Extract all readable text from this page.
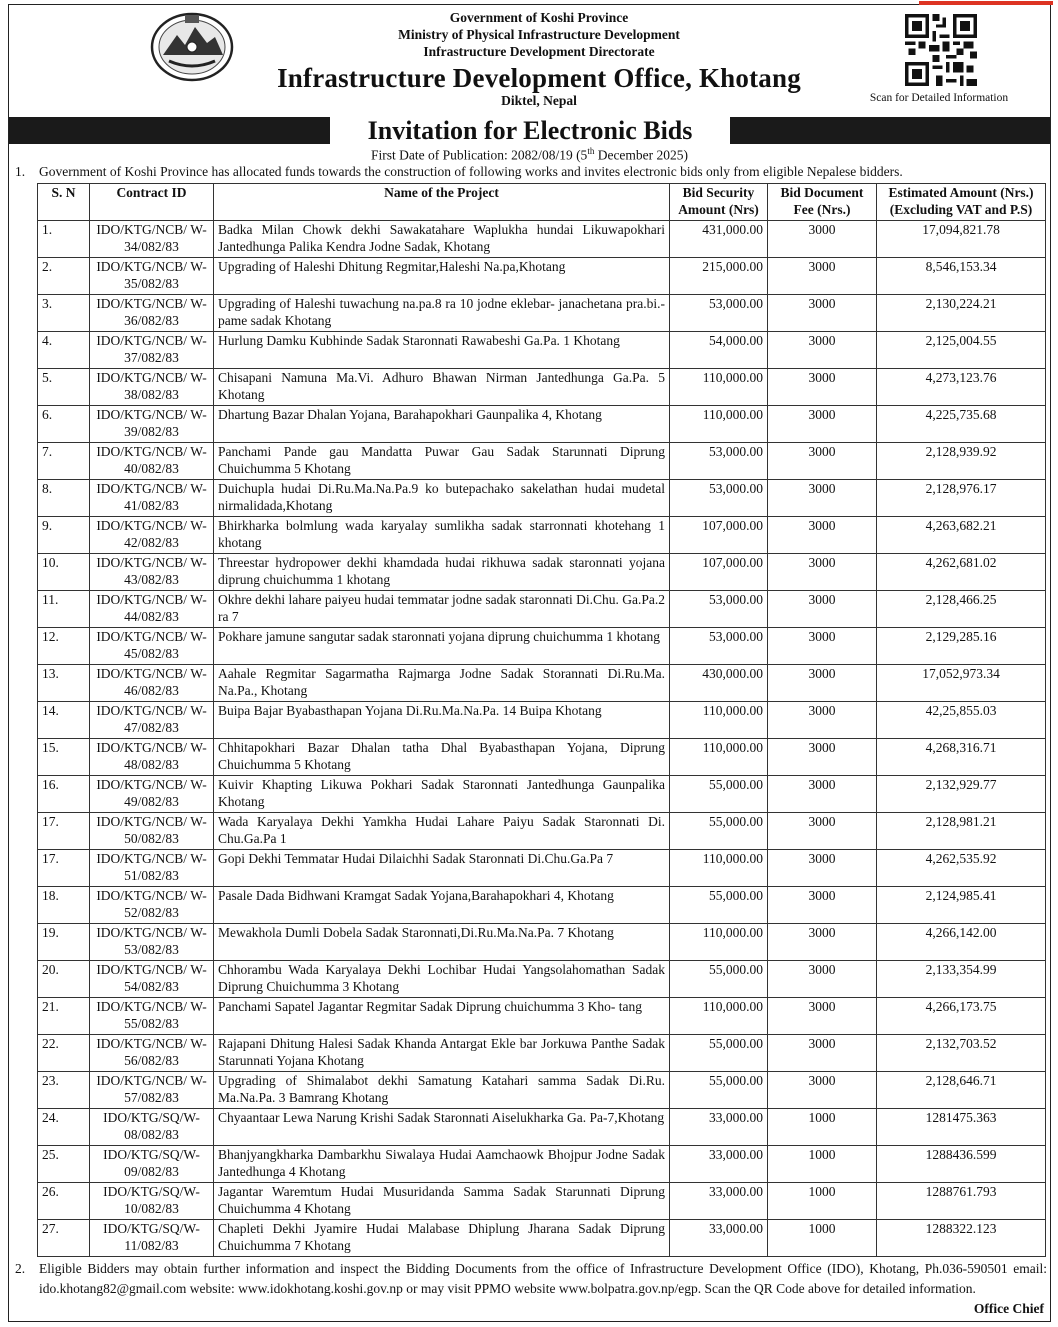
Government of Koshi Province
Ministry of Physical Infrastructure Development
Infrastructure Development Directorate
Infrastructure Development Office, Khotang
Diktel, Nepal	Scan for Detailed Information
Invitation for Electronic Bids
First Date of Publication: 2082/08/19 (5th December 2025)
1. Government of Koshi Province has allocated funds towards the construction of following works and invites electronic bids only from eligible Nepalese bidders.
S. N	Contract ID	Name of the Project	Bid Security Amount (Nrs)	Bid Document Fee (Nrs.)	Estimated Amount (Nrs.) (Excluding VAT and P.S)
1.	IDO/KTG/NCB/ W-34/082/83	Badka Milan Chowk dekhi Sawakatahare Waplukha hundai Likuwapokhari Jantedhunga Palika Kendra Jodne Sadak, Khotang	431,000.00	3000	17,094,821.78
2.	IDO/KTG/NCB/ W-35/082/83	Upgrading of Haleshi Dhitung Regmitar,Haleshi Na.pa,Khotang	215,000.00	3000	8,546,153.34
3.	IDO/KTG/NCB/ W-36/082/83	Upgrading of Haleshi tuwachung na.pa.8 ra 10 jodne eklebar- janachetana pra.bi.-pame sadak Khotang	53,000.00	3000	2,130,224.21
4.	IDO/KTG/NCB/ W-37/082/83	Hurlung Damku Kubhinde Sadak Staronnati Rawabeshi Ga.Pa. 1 Khotang	54,000.00	3000	2,125,004.55
5.	IDO/KTG/NCB/ W-38/082/83	Chisapani Namuna Ma.Vi. Adhuro Bhawan Nirman Jantedhunga Ga.Pa. 5 Khotang	110,000.00	3000	4,273,123.76
6.	IDO/KTG/NCB/ W-39/082/83	Dhartung Bazar Dhalan Yojana, Barahapokhari Gaunpalika 4, Khotang	110,000.00	3000	4,225,735.68
7.	IDO/KTG/NCB/ W-40/082/83	Panchami Pande gau Mandatta Puwar Gau Sadak Starunnati Diprung Chuichumma 5 Khotang	53,000.00	3000	2,128,939.92
8.	IDO/KTG/NCB/ W-41/082/83	Duichupla hudai Di.Ru.Ma.Na.Pa.9 ko butepachako sakelathan hudai mudetal nirmalidada,Khotang	53,000.00	3000	2,128,976.17
9.	IDO/KTG/NCB/ W-42/082/83	Bhirkharka bolmlung wada karyalay sumlikha sadak starronnati khotehang 1 khotang	107,000.00	3000	4,263,682.21
10.	IDO/KTG/NCB/ W-43/082/83	Threestar hydropower dekhi khamdada hudai rikhuwa sadak staronnati yojana diprung chuichumma 1 khotang	107,000.00	3000	4,262,681.02
11.	IDO/KTG/NCB/ W-44/082/83	Okhre dekhi lahare paiyeu hudai temmatar jodne sadak staronnati Di.Chu. Ga.Pa.2 ra 7	53,000.00	3000	2,128,466.25
12.	IDO/KTG/NCB/ W-45/082/83	Pokhare jamune sangutar sadak staronnati yojana diprung chuichumma 1 khotang	53,000.00	3000	2,129,285.16
13.	IDO/KTG/NCB/ W-46/082/83	Aahale Regmitar Sagarmatha Rajmarga Jodne Sadak Storannati Di.Ru.Ma. Na.Pa., Khotang	430,000.00	3000	17,052,973.34
14.	IDO/KTG/NCB/ W-47/082/83	Buipa Bajar Byabasthapan Yojana Di.Ru.Ma.Na.Pa. 14 Buipa Khotang	110,000.00	3000	42,25,855.03
15.	IDO/KTG/NCB/ W-48/082/83	Chhitapokhari Bazar Dhalan tatha Dhal Byabasthapan Yojana, Diprung Chuichumma 5 Khotang	110,000.00	3000	4,268,316.71
16.	IDO/KTG/NCB/ W-49/082/83	Kuivir Khapting Likuwa Pokhari Sadak Staronnati Jantedhunga Gaunpalika Khotang	55,000.00	3000	2,132,929.77
17.	IDO/KTG/NCB/ W-50/082/83	Wada Karyalaya Dekhi Yamkha Hudai Lahare Paiyu Sadak Staronnati Di. Chu.Ga.Pa 1	55,000.00	3000	2,128,981.21
17.	IDO/KTG/NCB/ W-51/082/83	Gopi Dekhi Temmatar Hudai Dilaichhi Sadak Staronnati Di.Chu.Ga.Pa 7	110,000.00	3000	4,262,535.92
18.	IDO/KTG/NCB/ W-52/082/83	Pasale Dada Bidhwani Kramgat Sadak Yojana,Barahapokhari 4, Khotang	55,000.00	3000	2,124,985.41
19.	IDO/KTG/NCB/ W-53/082/83	Mewakhola Dumli Dobela Sadak Staronnati,Di.Ru.Ma.Na.Pa. 7 Khotang	110,000.00	3000	4,266,142.00
20.	IDO/KTG/NCB/ W-54/082/83	Chhorambu Wada Karyalaya Dekhi Lochibar Hudai Yangsolahomathan Sadak Diprung Chuichumma 3 Khotang	55,000.00	3000	2,133,354.99
21.	IDO/KTG/NCB/ W-55/082/83	Panchami Sapatel Jagantar Regmitar Sadak Diprung chuichumma 3 Kho- tang	110,000.00	3000	4,266,173.75
22.	IDO/KTG/NCB/ W-56/082/83	Rajapani Dhitung Halesi Sadak Khanda Antargat Ekle bar Jorkuwa Panthe Sadak Starunnati Yojana Khotang	55,000.00	3000	2,132,703.52
23.	IDO/KTG/NCB/ W-57/082/83	Upgrading of Shimalabot dekhi Samatung Katahari samma Sadak Di.Ru. Ma.Na.Pa. 3 Bamrang Khotang	55,000.00	3000	2,128,646.71
24.	IDO/KTG/SQ/W- 08/082/83	Chyaantaar Lewa Narung Krishi Sadak Staronnati Aiselukharka Ga. Pa-7,Khotang	33,000.00	1000	1281475.363
25.	IDO/KTG/SQ/W- 09/082/83	Bhanjyangkharka Dambarkhu Siwalaya Hudai Aamchaowk Bhojpur Jodne Sadak Jantedhunga 4 Khotang	33,000.00	1000	1288436.599
26.	IDO/KTG/SQ/W- 10/082/83	Jagantar Waremtum Hudai Musuridanda Samma Sadak Starunnati Diprung Chuichumma 4 Khotang	33,000.00	1000	1288761.793
27.	IDO/KTG/SQ/W- 11/082/83	Chapleti Dekhi Jyamire Hudai Malabase Dhiplung Jharana Sadak Diprung Chuichumma 7 Khotang	33,000.00	1000	1288322.123
2. Eligible Bidders may obtain further information and inspect the Bidding Documents from the office of Infrastructure Development Office (IDO), Khotang, Ph.036-590501 email: ido.khotang82@gmail.com website: www.idokhotang.koshi.gov.np or may visit PPMO website www.bolpatra.gov.np/egp. Scan the QR Code above for detailed information.
Office Chief
